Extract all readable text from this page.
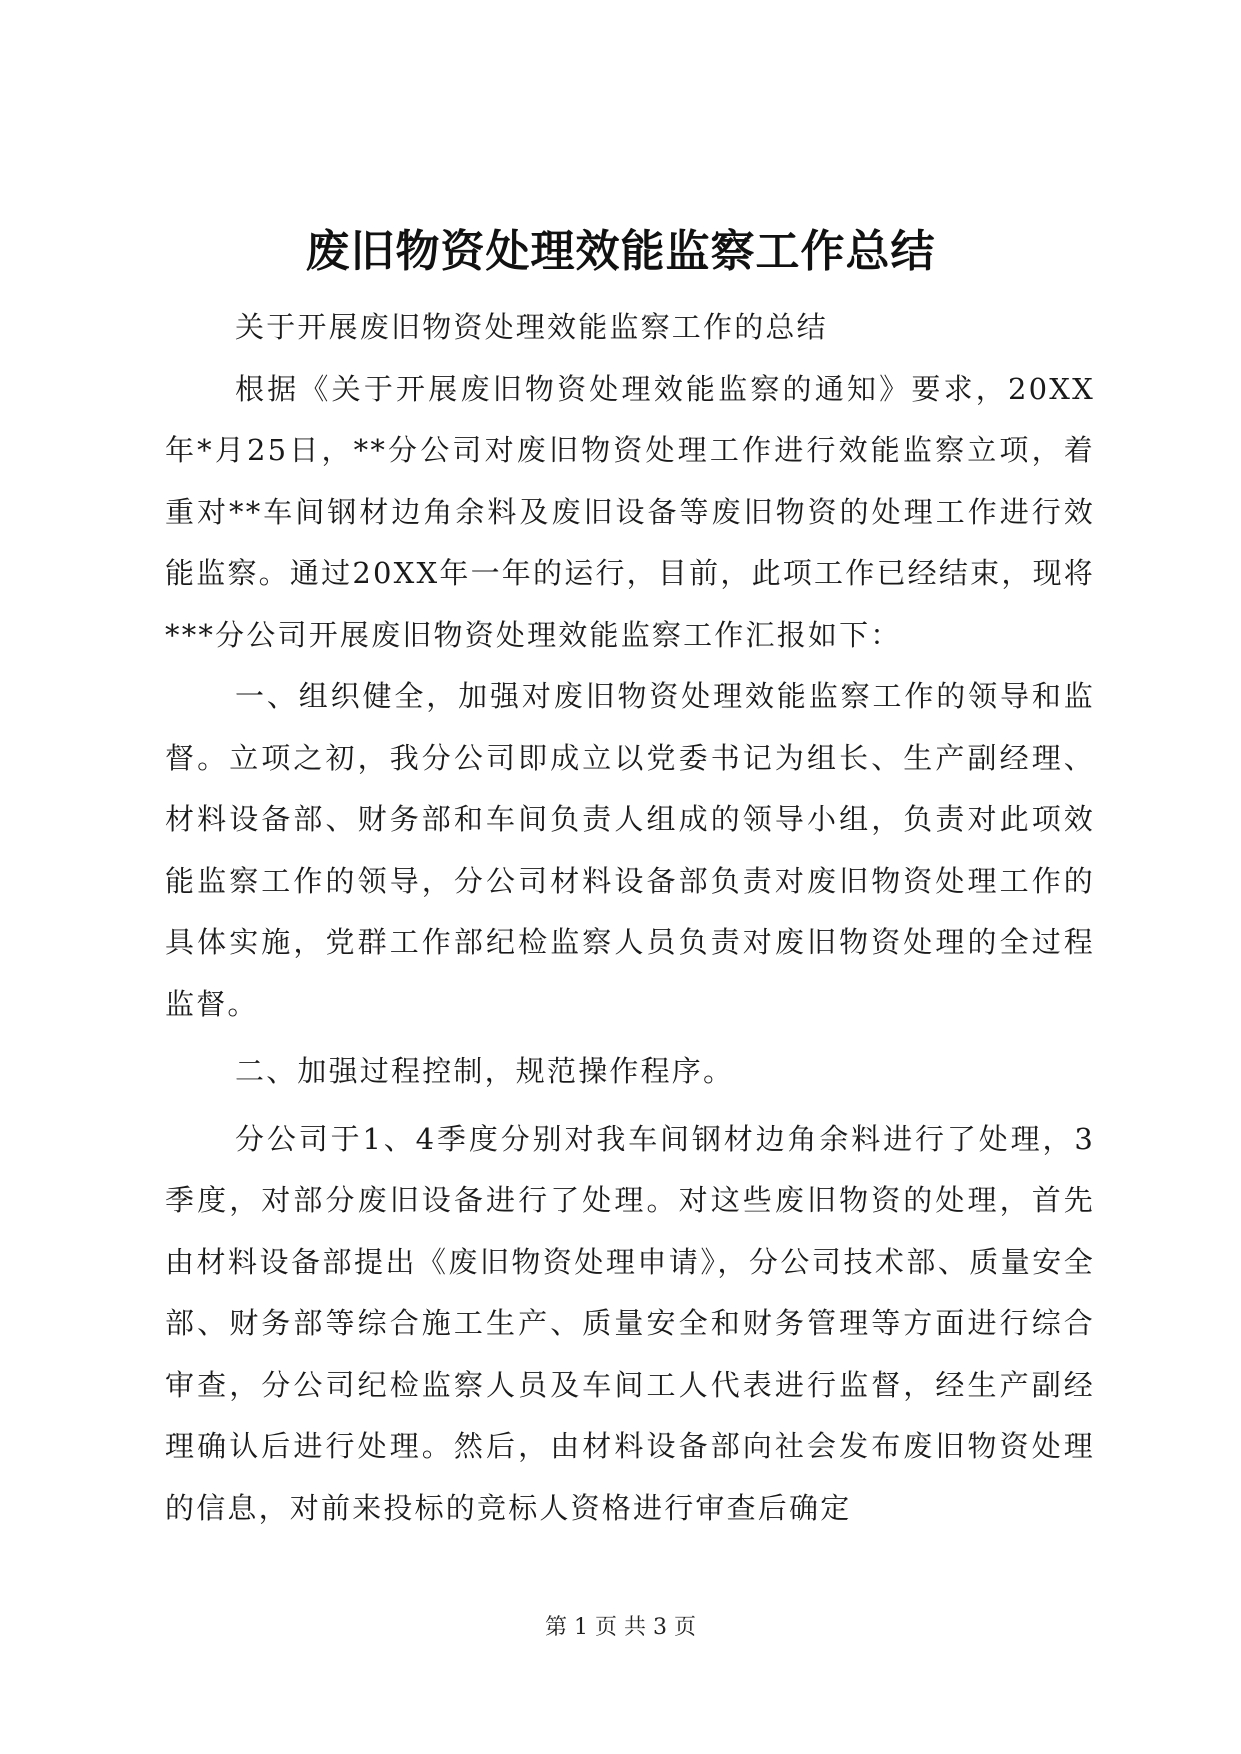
废旧物资处理效能监察工作总结

关于开展废旧物资处理效能监察工作的总结

根据《关于开展废旧物资处理效能监察的通知》要求，20XX年*月25日，**分公司对废旧物资处理工作进行效能监察立项，着重对**车间钢材边角余料及废旧设备等废旧物资的处理工作进行效能监察。通过20XX年一年的运行，目前，此项工作已经结束，现将***分公司开展废旧物资处理效能监察工作汇报如下：

一、组织健全，加强对废旧物资处理效能监察工作的领导和监督。立项之初，我分公司即成立以党委书记为组长、生产副经理、材料设备部、财务部和车间负责人组成的领导小组，负责对此项效能监察工作的领导，分公司材料设备部负责对废旧物资处理工作的具体实施，党群工作部纪检监察人员负责对废旧物资处理的全过程监督。

二、加强过程控制，规范操作程序。

分公司于1、4季度分别对我车间钢材边角余料进行了处理，3季度，对部分废旧设备进行了处理。对这些废旧物资的处理，首先由材料设备部提出《废旧物资处理申请》，分公司技术部、质量安全部、财务部等综合施工生产、质量安全和财务管理等方面进行综合审查，分公司纪检监察人员及车间工人代表进行监督，经生产副经理确认后进行处理。然后，由材料设备部向社会发布废旧物资处理的信息，对前来投标的竞标人资格进行审查后确定

第 1 页 共 3 页
